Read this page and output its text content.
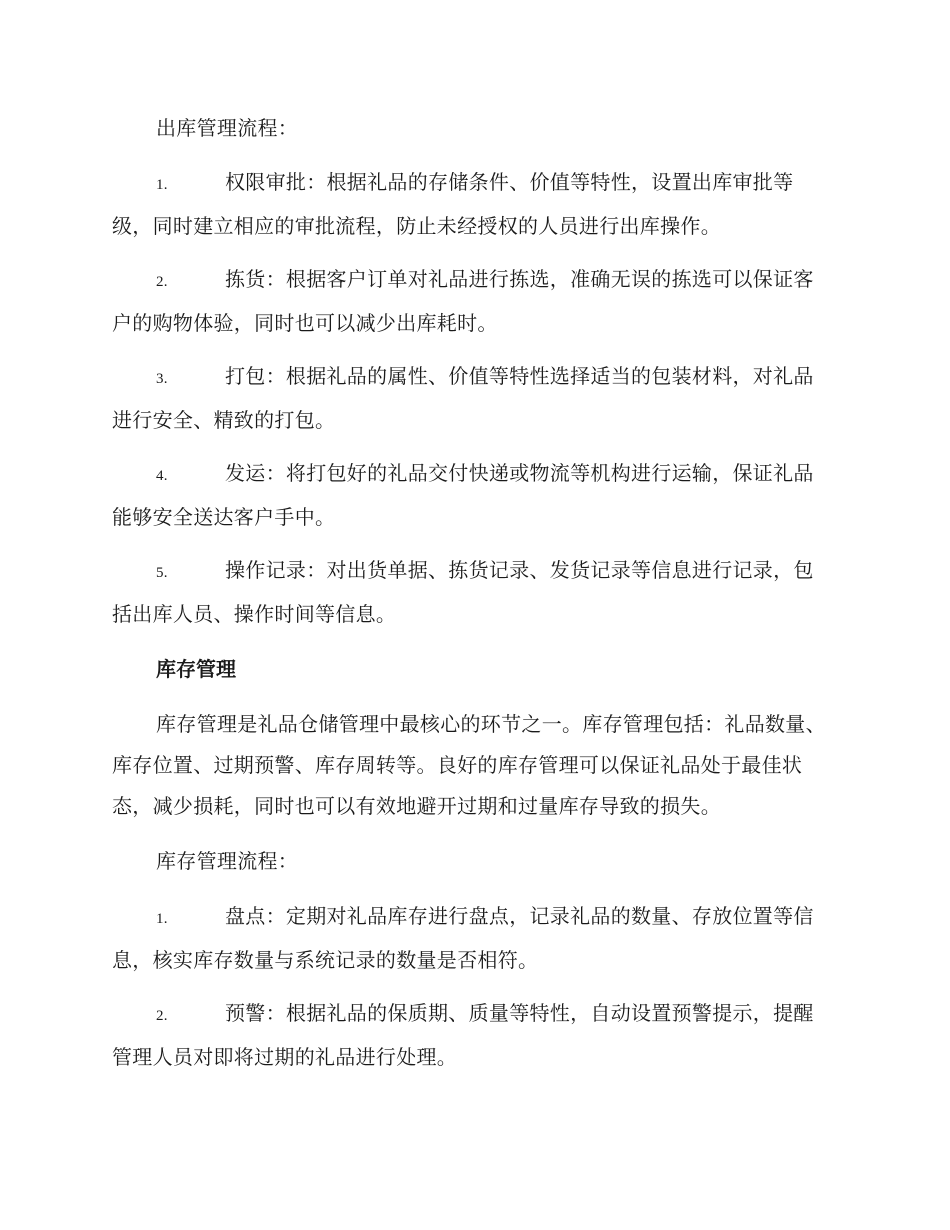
出库管理流程：

1.	权限审批：根据礼品的存储条件、价值等特性，设置出库审批等级，同时建立相应的审批流程，防止未经授权的人员进行出库操作。

2.	拣货：根据客户订单对礼品进行拣选，准确无误的拣选可以保证客户的购物体验，同时也可以减少出库耗时。

3.	打包：根据礼品的属性、价值等特性选择适当的包装材料，对礼品进行安全、精致的打包。

4.	发运：将打包好的礼品交付快递或物流等机构进行运输，保证礼品能够安全送达客户手中。

5.	操作记录：对出货单据、拣货记录、发货记录等信息进行记录，包括出库人员、操作时间等信息。

库存管理

库存管理是礼品仓储管理中最核心的环节之一。库存管理包括：礼品数量、库存位置、过期预警、库存周转等。良好的库存管理可以保证礼品处于最佳状态，减少损耗，同时也可以有效地避开过期和过量库存导致的损失。

库存管理流程：

1.	盘点：定期对礼品库存进行盘点，记录礼品的数量、存放位置等信息，核实库存数量与系统记录的数量是否相符。

2.	预警：根据礼品的保质期、质量等特性，自动设置预警提示，提醒管理人员对即将过期的礼品进行处理。
